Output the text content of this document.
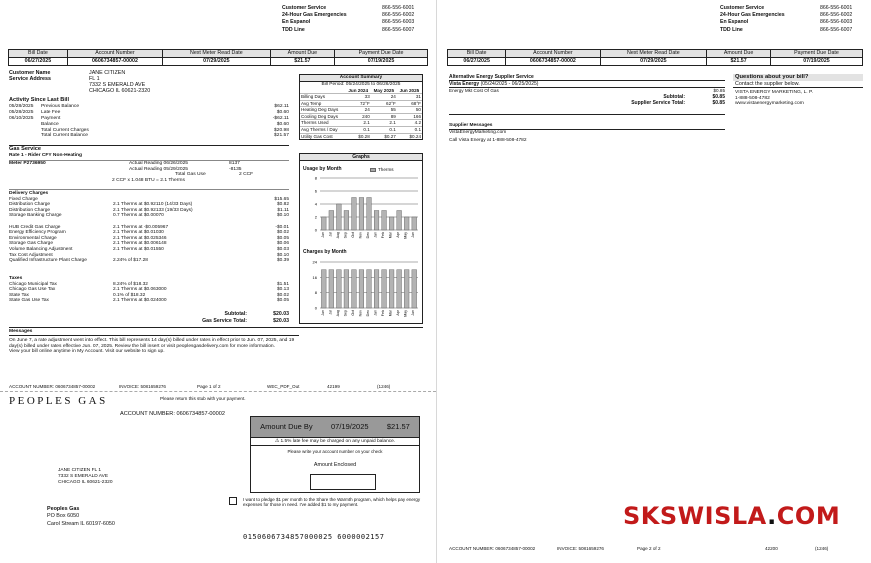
Customer Service	866-556-6001
24-Hour Gas Emergencies	866-556-6002
En Espanol	866-556-6003
TDD Line	866-556-6007
Bill Date	Account Number	Next Meter Read Date	Amount Due	Payment Due Date
06/27/2025	0606734857-00002	07/29/2025	$21.57	07/19/2025
Customer Name	JANE CITIZEN
Service Address	FL 1
7332 S EMERALD AVE
CHICAGO IL 60621-2320
Activity Since Last Bill
05/28/2025	Previous Balance	$62.11
05/28/2025	Late Fee	$0.60
06/10/2025	Payment	-$62.11
Balance	$0.60
Total Current Charges	$20.98
Total Current Balance	$21.57
Gas Service
Rate 1 - Rider CFY Non-Heating
Meter P2736950	Actual Reading 06/26/2025	8137
Actual Reading 05/29/2025	-8135
Total Gas Use	2 CCF
2 CCF x 1.048 BTU = 2.1 Therms
Delivery Charges
Fixed Charge	$15.65
Distribution Charge	2.1 Therms at $0.92110 (14/33 Days)	$0.82
Distribution Charge	2.1 Therms at $0.92133 (19/33 Days)	$1.11
Storage Banking Charge	0.7 Therms at $0.00070	$0.10
HUB Credit Gas Charge	2.1 Therms at -$0.005967	-$0.01
Energy Efficiency Program	2.1 Therms at $0.01030	$0.02
Environmental Charge	2.1 Therms at $0.025346	$0.05
Storage Gas Charge	2.1 Therms at $0.006148	$0.06
Volume Balancing Adjustment	2.1 Therms at $0.01550	$0.03
Tax Cost Adjustment	$0.10
Qualified Infrastructure Plant Charge	2.24% of $17.28	$0.39
Taxes
Chicago Municipal Tax	8.24% of $18.32	$1.51
Chicago Gas Use Tax	2.1 Therms at $0.063000	$0.13
State Tax	0.1% of $18.32	$0.02
State Gas Use Tax	2.1 Therms at $0.024000	$0.05
Subtotal:	$20.03
Gas Service Total:	$20.03
Messages
On June 7, a rate adjustment went into effect. This bill represents 14 day(s) billed under rates in effect prior to Jun. 07, 2025, and 19 day(s) billed under rates effective Jun. 07, 2025. Review the bill insert or visit peoplesgasdelivery.com for more information.
View your bill online anytime in My Account. Visit our website to sign up.
ACCOUNT NUMBER: 0606734857-00002	INVOICE: 5081659276	Page 1 of 2	WEC_PDF_Out	42199	(1246)
Account Summary
Bill Period: 05/24/2025 to 06/26/2025
	Jun 2024	May 2025	Jun 2025
Billing Days	33	24	31
Avg Temp	72°F	62°F	68°F
Heating Deg Days	24	55	50
Cooling Deg Days	240	89	166
Therms Used	2.1	2.1	4.2
Avg Therms / Day	0.1	0.1	0.1
Utility Gas Cost	$0.28	$0.27	$0.24
Graphs
Usage by Month	Therms
0
2
4
6
8
Jun Jul Aug Sep Oct Nov Dec Jan Feb Mar Apr May Jun
Charges by Month
0
8
16
24
Jun Jul Aug Sep Oct Nov Dec Jan Feb Mar Apr May Jun
PEOPLES GAS	Please return this stub with your payment.
ACCOUNT NUMBER: 0606734857-00002
Amount Due By 07/19/2025 $21.57
⚠ 1.5% late fee may be charged on any unpaid balance.
Please write your account number on your check
Amount Enclosed
JANE CITIZEN FL 1
7332 S EMERALD AVE
CHICAGO IL 60621-2320
I want to pledge $1 per month to the Share the Warmth program, which helps pay energy expenses for those in need. I've added $1 to my payment.
Peoples Gas
PO Box 6050
Carol Stream IL 60197-6050
0150606734857000025 6000002157
Customer Service	866-556-6001
24-Hour Gas Emergencies	866-556-6002
En Espanol	866-556-6003
TDD Line	866-556-6007
Bill Date	Account Number	Next Meter Read Date	Amount Due	Payment Due Date
06/27/2025	0606734857-00002	07/29/2025	$21.57	07/19/2025
Alternative Energy Supplier Service
Vista Energy (05/24/2025 - 06/25/2025)
Energy Mkt Cost Of Gas	$0.85
Subtotal:	$0.85
Supplier Service Total:	$0.85
Questions about your bill?
Contact the supplier below.
VISTA ENERGY MARKETING, L. P.
1-888-508-4782
www.vistaenergymarketing.com
Supplier Messages
VistaEnergyMarketing.com
Call Vista Energy at 1-888-508-4782
SKSWISLA.COM
ACCOUNT NUMBER: 0606734857-00002	INVOICE: 5081659276	Page 2 of 2	42200	(1246)
